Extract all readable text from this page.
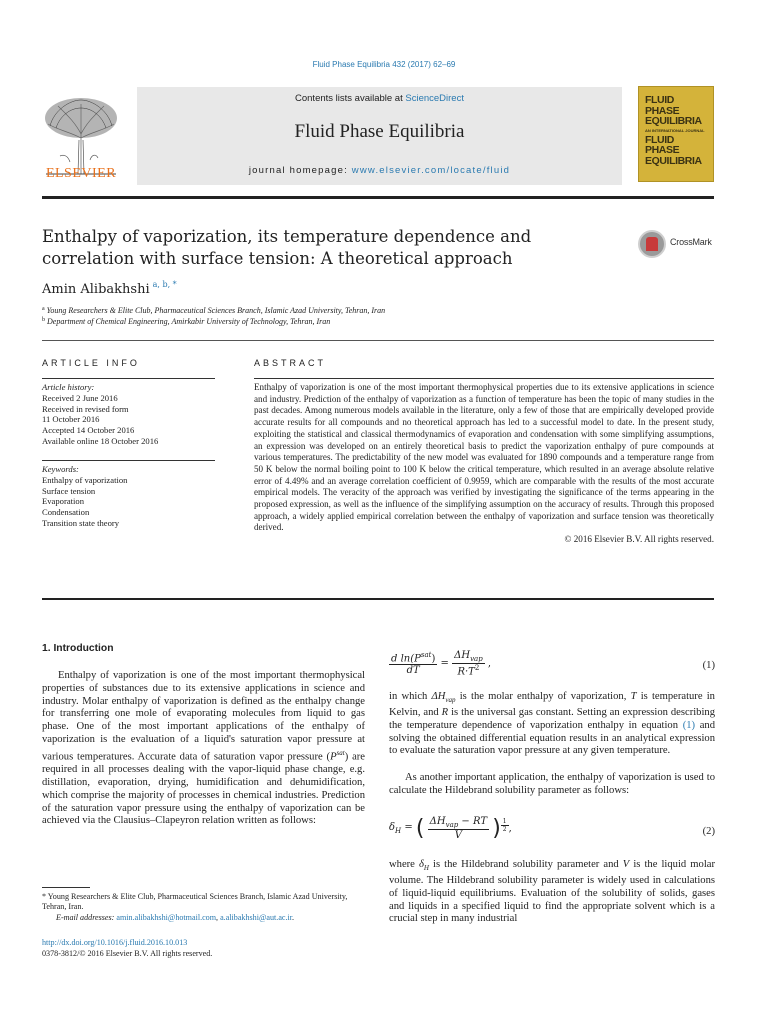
Fluid Phase Equilibria 432 (2017) 62–69
ELSEVIER
Contents lists available at ScienceDirect
Fluid Phase Equilibria
journal homepage: www.elsevier.com/locate/fluid
FLUID PHASE
EQUILIBRIA
AN INTERNATIONAL JOURNAL
FLUID PHASE
EQUILIBRIA
Enthalpy of vaporization, its temperature dependence and correlation with surface tension: A theoretical approach
CrossMark
Amin Alibakhshi $^{a, b, *}$
$^a$ Young Researchers & Elite Club, Pharmaceutical Sciences Branch, Islamic Azad University, Tehran, Iran
$^b$ Department of Chemical Engineering, Amirkabir University of Technology, Tehran, Iran
ARTICLE INFO
Article history:
Received 2 June 2016
Received in revised form
11 October 2016
Accepted 14 October 2016
Available online 18 October 2016
Keywords:
Enthalpy of vaporization
Surface tension
Evaporation
Condensation
Transition state theory
ABSTRACT

Enthalpy of vaporization is one of the most important thermophysical properties due to its extensive applications in science and industry. Prediction of the enthalpy of vaporization as a function of temperature has been the topic of many studies in the past decades. Among numerous models available in the literature, only a few of those that are empirically developed provide accurate results for all compounds and no theoretical approach has led to a successful model to date. In the present study, exploiting the statistical and classical thermodynamics of evaporation and condensation with some simplifying assumptions, an expression was developed on an entirely theoretical basis to predict the vaporization enthalpy of pure compounds at various temperatures. The predictability of the new model was evaluated for 1890 compounds and a temperature range from 50 K below the normal boiling point to 100 K below the critical temperature, which resulted in an average absolute relative error of 4.49% and an average correlation coefficient of 0.9959, which are comparable with the results of the most accurate empirical models. The veracity of the approach was verified by investigating the significance of the terms appearing in the proposed expression, as well as the influence of the simplifying assumption on the accuracy of results. Through this proposed approach, a widely applied empirical correlation between the enthalpy of vaporization and surface tension was theoretically derived.

© 2016 Elsevier B.V. All rights reserved.

1. Introduction
Enthalpy of vaporization is one of the most important thermophysical properties of substances due to its extensive applications in science and industry. Molar enthalpy of vaporization is defined as the enthalpy change for transferring one mole of evaporating molecules from liquid to gas phase. One of the most important applications of the enthalpy of vaporization is the evaluation of a liquid's saturation vapor pressure at various temperatures. Accurate data of saturation vapor pressure $(P^{sat})$ are required in all processes dealing with the vapor-liquid phase change, e.g. distillation, evaporation, drying, humidification and dehumidification, which comprise the majority of processes in chemical industries. Prediction of the saturation vapor pressure using the enthalpy of vaporization can be achieved via the Clausius–Clapeyron relation written as follows:
$\frac{d \ln(P^{sat})}{dT} = \frac{\Delta H_{vap}}{R\cdot T^2}$ ,	(1)
in which $\Delta H_{vap}$ is the molar enthalpy of vaporization, T is temperature in Kelvin, and R is the universal gas constant. Setting an expression describing the temperature dependence of vaporization enthalpy in equation (1) and solving the obtained differential equation results in an analytical expression to evaluate the saturation vapor pressure at any given temperature.
As another important application, the enthalpy of vaporization is used to calculate the Hildebrand solubility parameter as follows:
$\delta_H$ = ( $\frac{\Delta H_{vap} - RT}{V}$ ) $\frac{1}{2}$ ,	(2)
where $\delta_H$ is the Hildebrand solubility parameter and V is the liquid molar volume. The Hildebrand solubility parameter is widely used in calculations of liquid-liquid equilibriums. Evaluation of the solubility of solids, gases and liquids in a specified liquid to find the appropriate solvent which is a crucial step in many industrial
* Young Researchers & Elite Club, Pharmaceutical Sciences Branch, Islamic Azad University, Tehran, Iran.
E-mail addresses: amin.alibakhshi@hotmail.com, a.alibakhshi@aut.ac.ir.
http://dx.doi.org/10.1016/j.fluid.2016.10.013
0378-3812/© 2016 Elsevier B.V. All rights reserved.
